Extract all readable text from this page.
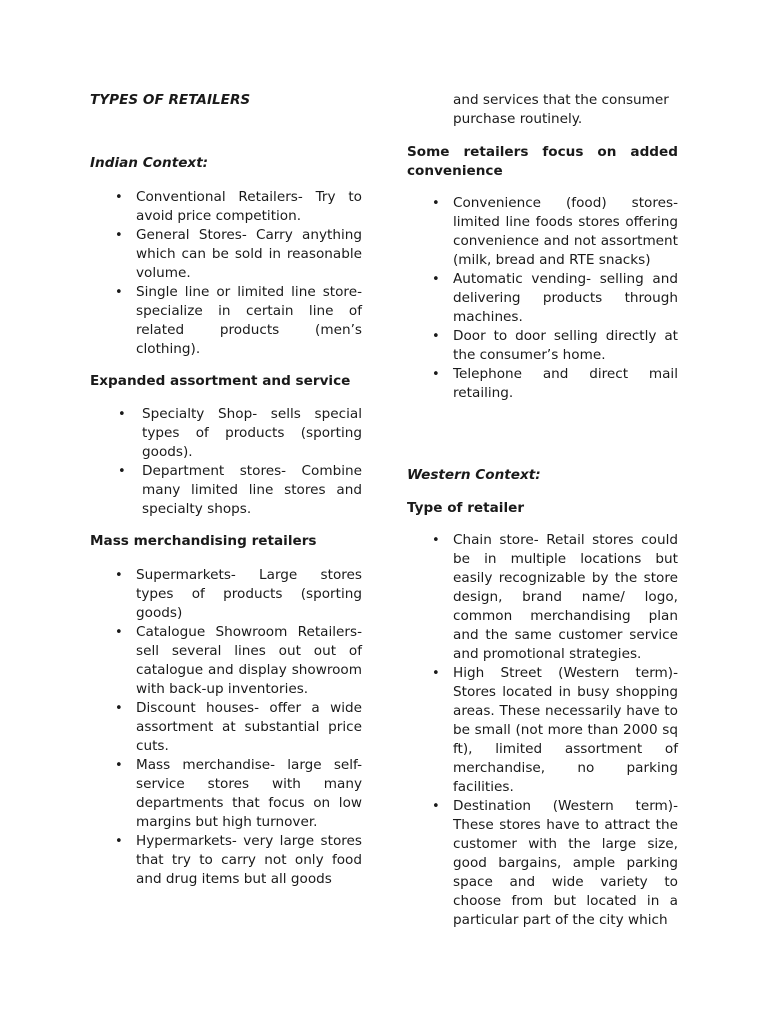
TYPES OF RETAILERS

Indian Context:

• Conventional Retailers- Try to avoid price competition.
• General Stores- Carry anything which can be sold in reasonable volume.
• Single line or limited line store- specialize in certain line of related products (men’s clothing).

Expanded assortment and service

• Specialty Shop- sells special types of products (sporting goods).
• Department stores- Combine many limited line stores and specialty shops.

Mass merchandising retailers

• Supermarkets- Large stores types of products (sporting goods)
• Catalogue Showroom Retailers- sell several lines out out of catalogue and display showroom with back-up inventories.
• Discount houses- offer a wide assortment at substantial price cuts.
• Mass merchandise- large self-service stores with many departments that focus on low margins but high turnover.
• Hypermarkets- very large stores that try to carry not only food and drug items but all goods

and services that the consumer purchase routinely.

Some retailers focus on added convenience

• Convenience (food) stores- limited line foods stores offering convenience and not assortment (milk, bread and RTE snacks)
• Automatic vending- selling and delivering products through machines.
• Door to door selling directly at the consumer’s home.
• Telephone and direct mail retailing.

Western Context:

Type of retailer

• Chain store- Retail stores could be in multiple locations but easily recognizable by the store design, brand name/ logo, common merchandising plan and the same customer service and promotional strategies.
• High Street (Western term)- Stores located in busy shopping areas. These necessarily have to be small (not more than 2000 sq ft), limited assortment of merchandise, no parking facilities.
• Destination (Western term)- These stores have to attract the customer with the large size, good bargains, ample parking space and wide variety to choose from but located in a particular part of the city which
